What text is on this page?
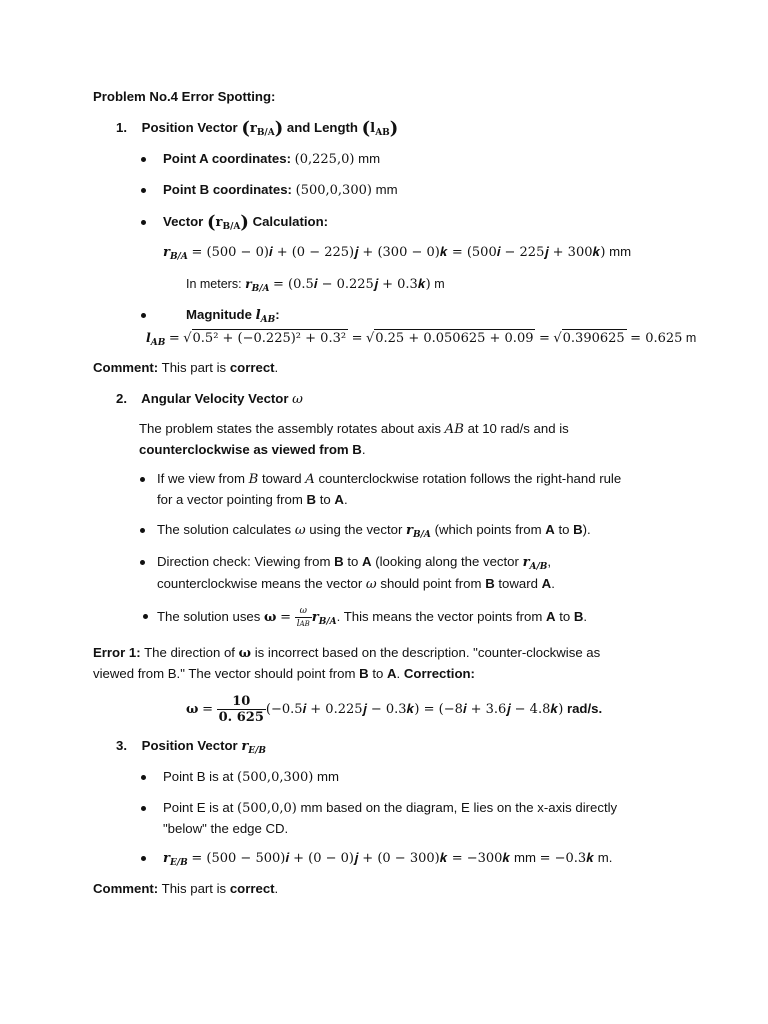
Problem No.4 Error Spotting:
1. Position Vector $(r_{B/A})$ and Length $(l_{AB})$
Point A coordinates: (0,225,0) mm
Point B coordinates: (500,0,300) mm
Vector $(r_{B/A})$ Calculation:
$r_{B/A} = (500$ − 0)𝒊 + (0 − 225)𝒋 + (300 − 0)𝒌 = (500𝒊 − 225𝒋 + 300𝒌) mm
In meters: $r_{B/A}$ = (0.5𝒊 − 0.225𝒋 + 0.3𝒌) m
Magnitude $l_{AB}$:
$l_{AB} = √0.5^2 + (-0.225)^2 + 0.3^2 = √0.25 + 0.050625 + 0.09 = √0.390625 = 0.625$ m
Comment: This part is correct.
2. Angular Velocity Vector ω
The problem states the assembly rotates about axis AB at 10 rad/s and is
counterclockwise as viewed from B.
If we view from B toward A counterclockwise rotation follows the right-hand rule
for a vector pointing from B to A.
The solution calculates ω using the vector $r_{B/A}$ (which points from A to B).
Direction check: Viewing from B to A (looking along the vector $r_{A/B}$,
counterclockwise means the vector ω should point from B toward A.
The solution uses $\omega = \frac{\omega}{\text{lAB}} r_{B/A}$. This means the vector points from A to B.
Error 1: The direction of ω is incorrect based on the description. "counter-clockwise as
viewed from B." The vector should point from B to A. Correction:
$\omega = \frac{10}{0. 625}$ (−0.5𝒊 + 0.225𝒋 − 0.3𝒌) = (−8𝒊 + 3.6𝒋 − 4.8𝒌) rad/s.
3. Position Vector $r_{E/B}$
Point B is at (500,0,300) mm
Point E is at (500,0,0) mm based on the diagram, E lies on the x-axis directly
"below" the edge CD.
$r_{E/B} = (500$ − 500)𝒊 + (0 − 0)𝒋 + (0 − 300)𝒌 = −300𝒌 mm = −0.3𝒌 m.
Comment: This part is correct.
